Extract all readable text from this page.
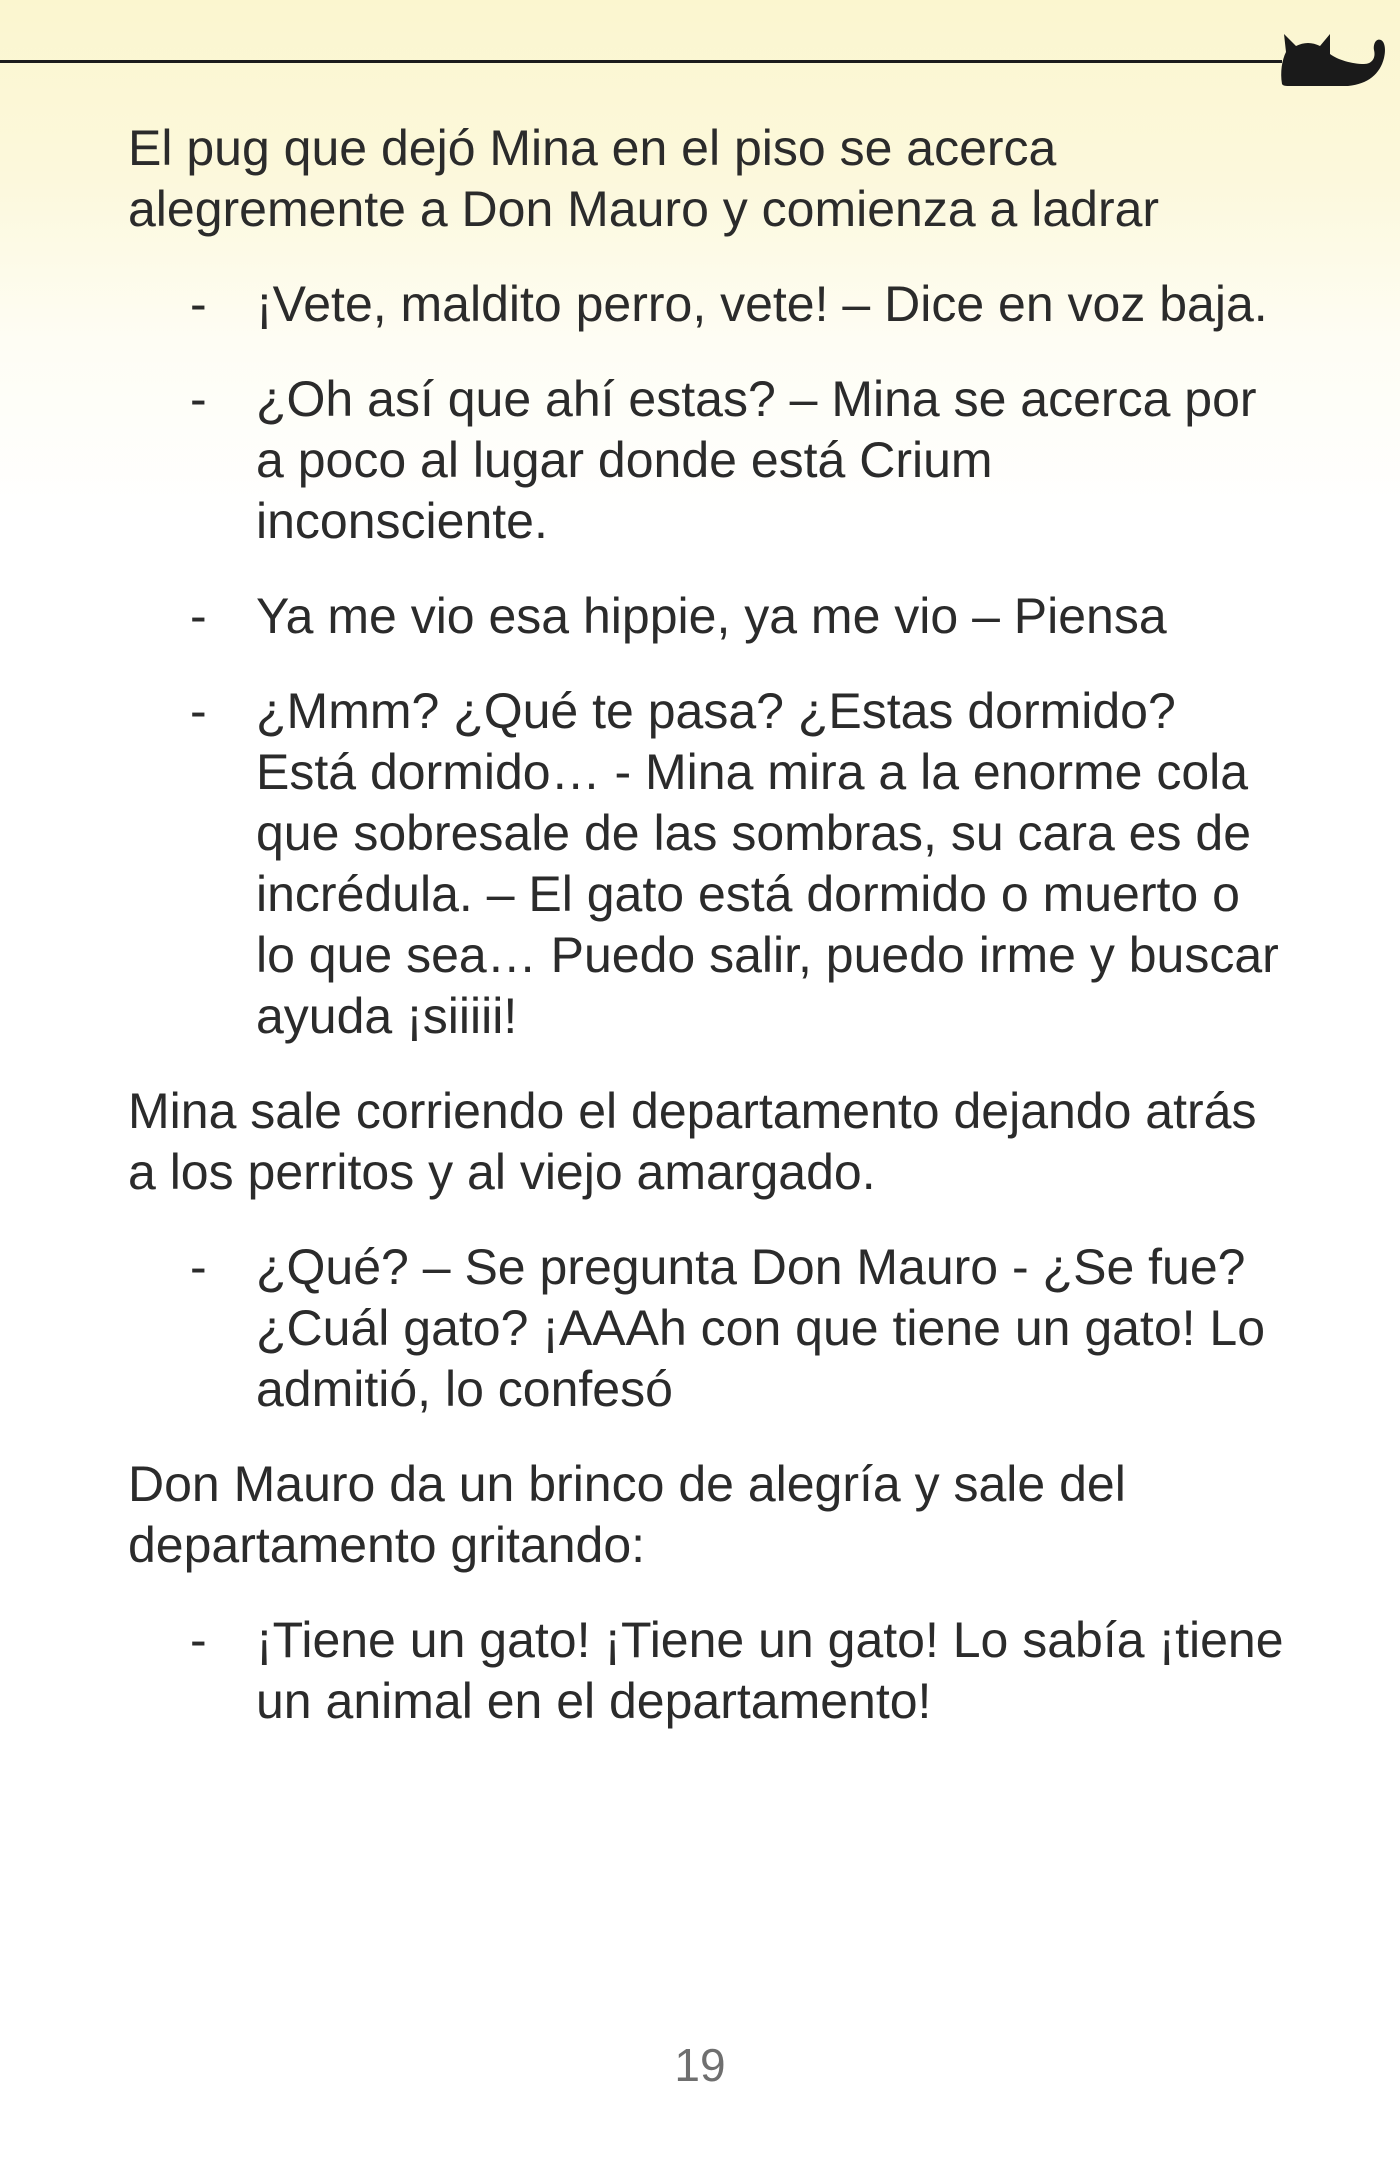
El pug que dejó Mina en el piso se acerca alegremente a Don Mauro y comienza a ladrar

- ¡Vete, maldito perro, vete! – Dice en voz baja.
- ¿Oh así que ahí estas? – Mina se acerca por a poco al lugar donde está Crium inconsciente.
- Ya me vio esa hippie, ya me vio – Piensa
- ¿Mmm? ¿Qué te pasa? ¿Estas dormido? Está dormido… - Mina mira a la enorme cola que sobresale de las sombras, su cara es de incrédula. – El gato está dormido o muerto o lo que sea… Puedo salir, puedo irme y buscar ayuda ¡siiiii!

Mina sale corriendo el departamento dejando atrás a los perritos y al viejo amargado.

- ¿Qué? – Se pregunta Don Mauro - ¿Se fue? ¿Cuál gato? ¡AAAh con que tiene un gato! Lo admitió, lo confesó

Don Mauro da un brinco de alegría y sale del departamento gritando:

- ¡Tiene un gato! ¡Tiene un gato! Lo sabía ¡tiene un animal en el departamento!
19
